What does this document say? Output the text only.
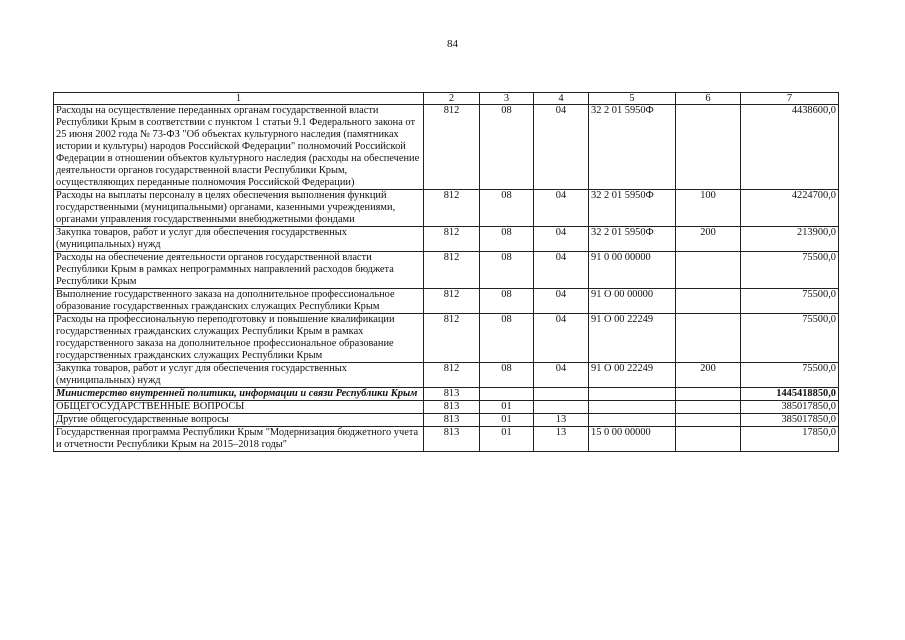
84
1	2	3	4	5	6	7
Расходы на осуществление переданных органам государственной власти Республики Крым в соответствии с пунктом 1 статьи 9.1 Федерального закона от 25 июня 2002 года № 73-ФЗ "Об объектах культурного наследия (памятниках истории и культуры) народов Российской Федерации" полномочий Российской Федерации в отношении объектов культурного наследия (расходы на обеспечение деятельности органов государственной власти Республики Крым, осуществляющих переданные полномочия Российской Федерации)	812	08	04	32 2 01 5950Ф		4438600,0
Расходы на выплаты персоналу в целях обеспечения выполнения функций государственными (муниципальными) органами, казенными учреждениями, органами управления государственными внебюджетными фондами	812	08	04	32 2 01 5950Ф	100	4224700,0
Закупка товаров, работ и услуг для обеспечения государственных (муниципальных) нужд	812	08	04	32 2 01 5950Ф	200	213900,0
Расходы на обеспечение деятельности органов государственной власти Республики Крым в рамках непрограммных направлений расходов бюджета Республики Крым	812	08	04	91 0 00 00000		75500,0
Выполнение государственного заказа на дополнительное профессиональное образование государственных гражданских служащих Республики Крым	812	08	04	91 О 00 00000		75500,0
Расходы на профессиональную переподготовку и повышение квалификации государственных гражданских служащих Республики Крым в рамках государственного заказа на дополнительное профессиональное образование государственных гражданских служащих Республики Крым	812	08	04	91 О 00 22249		75500,0
Закупка товаров, работ и услуг для обеспечения государственных (муниципальных) нужд	812	08	04	91 О 00 22249	200	75500,0
Министерство внутренней политики, информации и связи Республики Крым	813					1445418850,0
ОБЩЕГОСУДАРСТВЕННЫЕ ВОПРОСЫ	813	01				385017850,0
Другие общегосударственные вопросы	813	01	13			385017850,0
Государственная программа Республики Крым "Модернизация бюджетного учета и отчетности Республики Крым на 2015–2018 годы"	813	01	13	15 0 00 00000		17850,0
